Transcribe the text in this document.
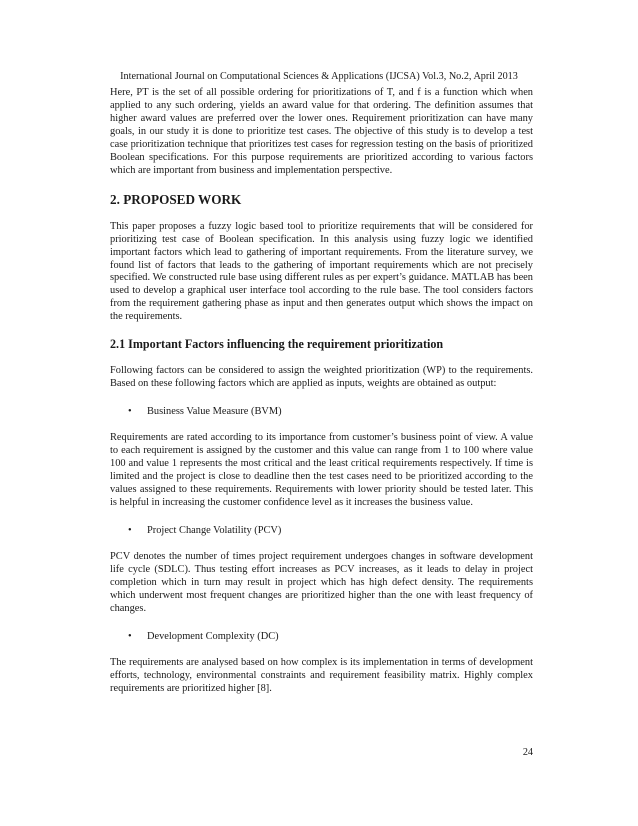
International Journal on Computational Sciences & Applications (IJCSA) Vol.3, No.2, April 2013

Here, PT is the set of all possible ordering for prioritizations of T, and f is a function which when applied to any such ordering, yields an award value for that ordering. The definition assumes that higher award values are preferred over the lower ones. Requirement prioritization can have many goals, in our study it is done to prioritize test cases. The objective of this study is to develop a test case prioritization technique that prioritizes test cases for regression testing on the basis of prioritized Boolean specifications. For this purpose requirements are prioritized according to various factors which are important from business and implementation perspective.

2. PROPOSED WORK

This paper proposes a fuzzy logic based tool to prioritize requirements that will be considered for prioritizing test case of Boolean specification. In this analysis using fuzzy logic we identified important factors which lead to gathering of important requirements. From the literature survey, we found list of factors that leads to the gathering of important requirements which are not precisely specified. We constructed rule base using different rules as per expert’s guidance. MATLAB has been used to develop a graphical user interface tool according to the rule base. The tool considers factors from the requirement gathering phase as input and then generates output which shows the impact on the requirements.

2.1 Important Factors influencing the requirement prioritization

Following factors can be considered to assign the weighted prioritization (WP) to the requirements. Based on these following factors which are applied as inputs, weights are obtained as output:

•	Business Value Measure (BVM)

Requirements are rated according to its importance from customer’s business point of view. A value to each requirement is assigned by the customer and this value can range from 1 to 100 where value 100 and value 1 represents the most critical and the least critical requirements respectively. If time is limited and the project is close to deadline then the test cases need to be prioritized according to the values assigned to these requirements. Requirements with lower priority should be tested later. This is helpful in increasing the customer confidence level as it increases the business value.

•	Project Change Volatility (PCV)

PCV denotes the number of times project requirement undergoes changes in software development life cycle (SDLC). Thus testing effort increases as PCV increases, as it leads to delay in project completion which in turn may result in project which has high defect density. The requirements which underwent most frequent changes are prioritized higher than the one with least frequency of changes.

•	Development Complexity (DC)

The requirements are analysed based on how complex is its implementation in terms of development efforts, technology, environmental constraints and requirement feasibility matrix. Highly complex requirements are prioritized higher [8].

24
